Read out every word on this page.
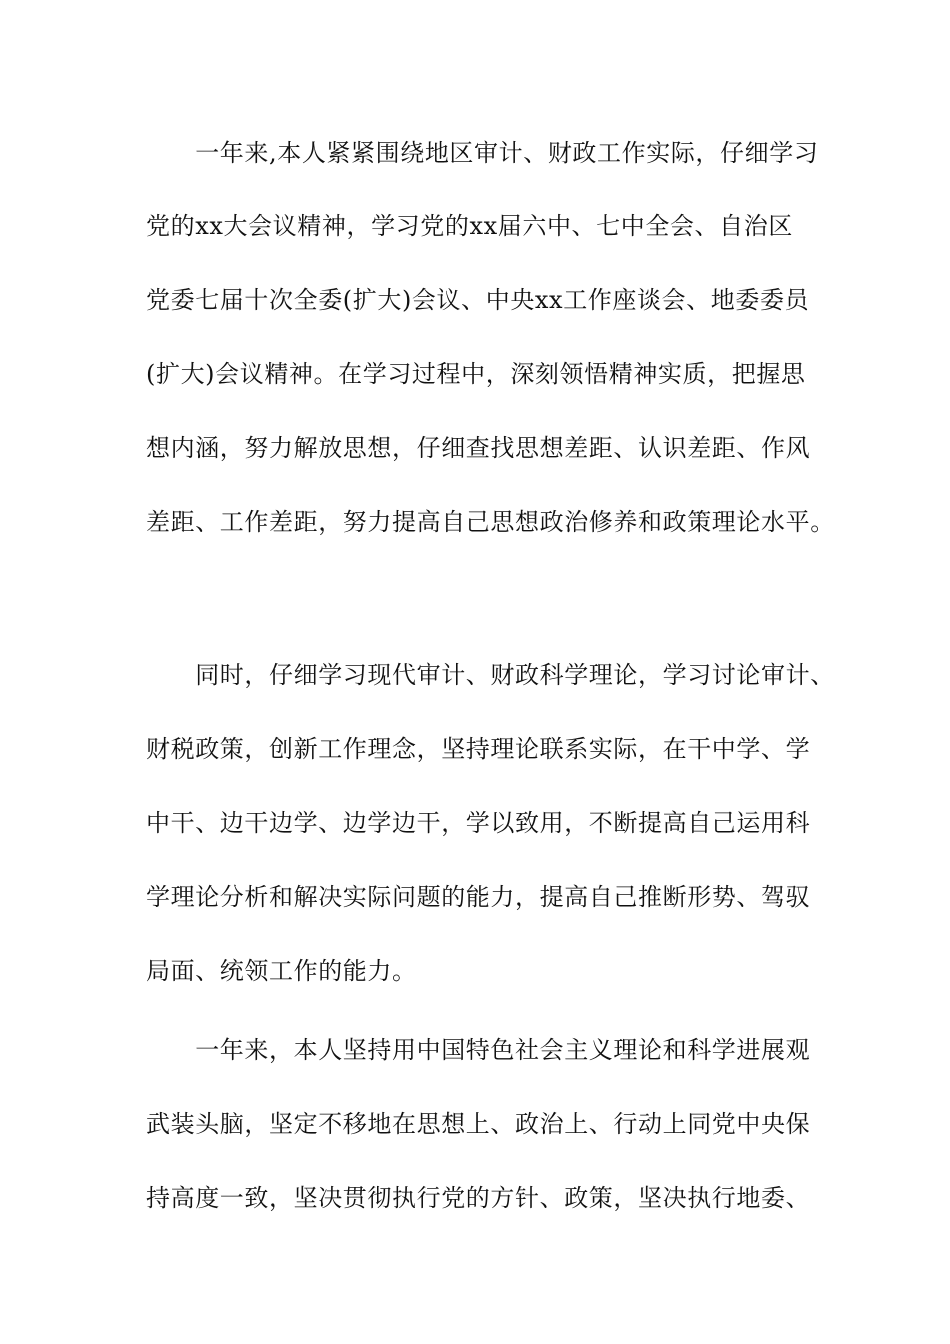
　　一年来,本人紧紧围绕地区审计、财政工作实际，仔细学习
党的xx大会议精神，学习党的xx届六中、七中全会、自治区
党委七届十次全委(扩大)会议、中央xx工作座谈会、地委委员
(扩大)会议精神。在学习过程中，深刻领悟精神实质，把握思
想内涵，努力解放思想，仔细查找思想差距、认识差距、作风
差距、工作差距，努力提高自己思想政治修养和政策理论水平。
　　同时，仔细学习现代审计、财政科学理论，学习讨论审计、
财税政策，创新工作理念，坚持理论联系实际，在干中学、学
中干、边干边学、边学边干，学以致用，不断提高自己运用科
学理论分析和解决实际问题的能力，提高自己推断形势、驾驭
局面、统领工作的能力。
　　一年来，本人坚持用中国特色社会主义理论和科学进展观
武装头脑，坚定不移地在思想上、政治上、行动上同党中央保
持高度一致，坚决贯彻执行党的方针、政策，坚决执行地委、
